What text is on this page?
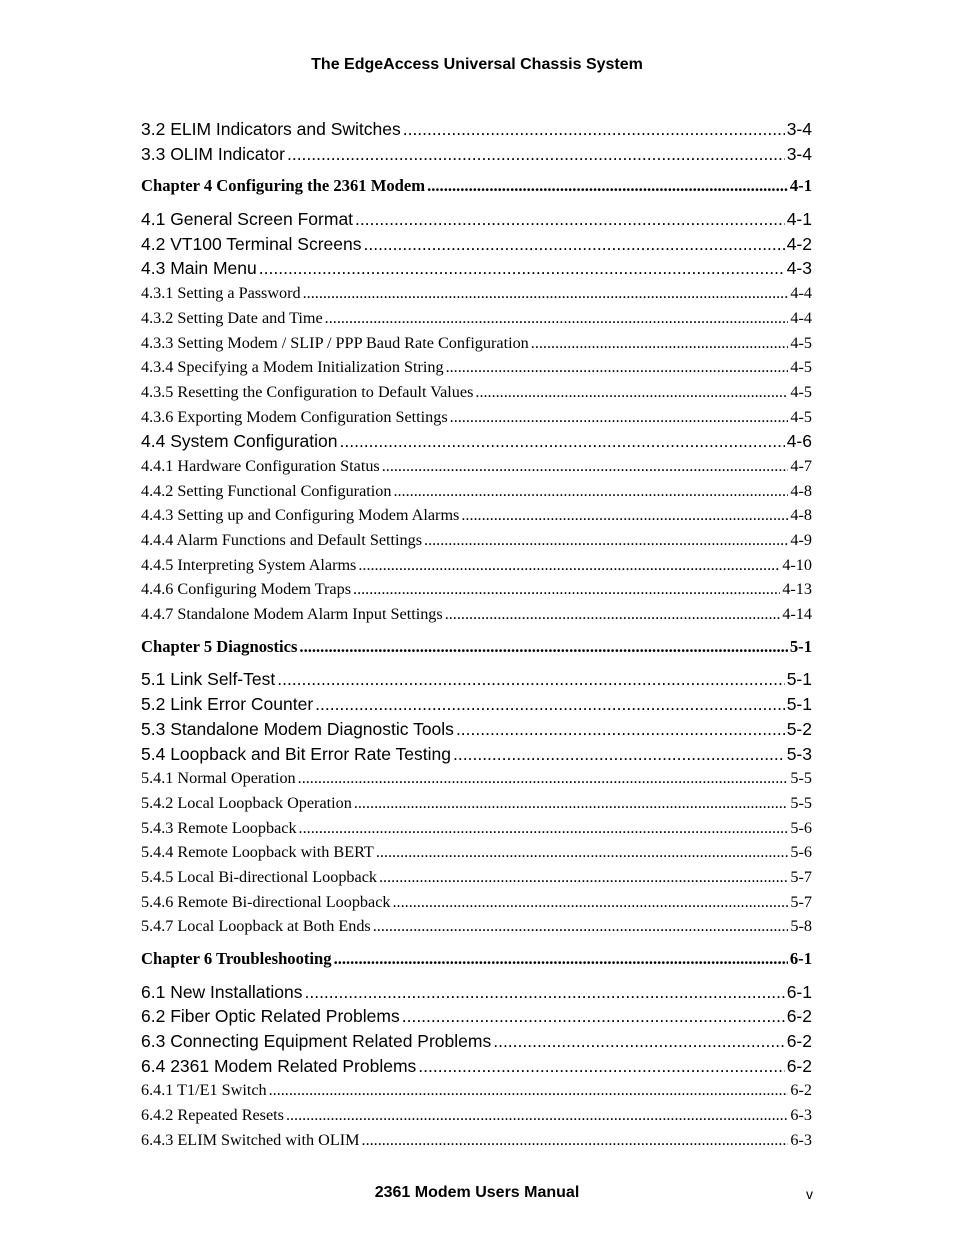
The EdgeAccess Universal Chassis System
3.2 ELIM Indicators and Switches .....	3-4
3.3 OLIM Indicator .....	3-4
Chapter 4 Configuring the 2361 Modem .....	4-1
4.1 General Screen Format .....	4-1
4.2 VT100 Terminal Screens .....	4-2
4.3 Main Menu .....	4-3
4.3.1 Setting a Password .....	4-4
4.3.2 Setting Date and Time .....	4-4
4.3.3 Setting Modem / SLIP / PPP Baud Rate Configuration .....	4-5
4.3.4 Specifying a Modem Initialization String .....	4-5
4.3.5 Resetting the Configuration to Default Values .....	4-5
4.3.6 Exporting Modem Configuration Settings .....	4-5
4.4 System Configuration .....	4-6
4.4.1 Hardware Configuration Status .....	4-7
4.4.2 Setting Functional Configuration .....	4-8
4.4.3 Setting up and Configuring Modem Alarms .....	4-8
4.4.4 Alarm Functions and Default Settings .....	4-9
4.4.5 Interpreting System Alarms .....	4-10
4.4.6 Configuring Modem Traps .....	4-13
4.4.7 Standalone Modem Alarm Input Settings .....	4-14
Chapter 5 Diagnostics .....	5-1
5.1 Link Self-Test .....	5-1
5.2 Link Error Counter .....	5-1
5.3 Standalone Modem Diagnostic Tools .....	5-2
5.4 Loopback and Bit Error Rate Testing .....	5-3
5.4.1 Normal Operation .....	5-5
5.4.2 Local Loopback Operation .....	5-5
5.4.3 Remote Loopback .....	5-6
5.4.4 Remote Loopback with BERT .....	5-6
5.4.5 Local Bi-directional Loopback .....	5-7
5.4.6 Remote Bi-directional Loopback .....	5-7
5.4.7 Local Loopback at Both Ends .....	5-8
Chapter 6 Troubleshooting .....	6-1
6.1 New Installations .....	6-1
6.2 Fiber Optic Related Problems .....	6-2
6.3 Connecting Equipment Related Problems .....	6-2
6.4 2361 Modem Related Problems .....	6-2
6.4.1 T1/E1 Switch .....	6-2
6.4.2 Repeated Resets .....	6-3
6.4.3 ELIM Switched with OLIM .....	6-3
2361 Modem Users Manual	v
